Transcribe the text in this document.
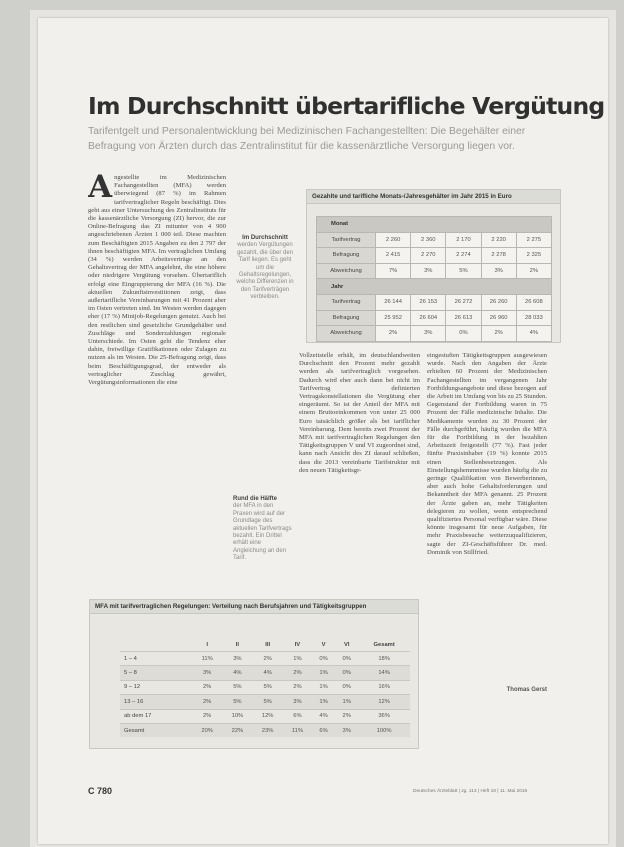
Im Durchschnitt übertarifliche Vergütung
Tarifentgelt und Personalentwicklung bei Medizinischen Fachangestellten: Die Begehälter einer Befragung von Ärzten durch das Zentralinstitut für die kassenärztliche Versorgung liegen vor.
Angestellte im Medizinischen Fachangestellten (MFA) werden überwiegend (87 %) im Rahmen tarifvertraglicher Regeln beschäftigt. Dies geht aus einer Untersuchung des Zentralinstituts für die kassenärztliche Versorgung (ZI) hervor, die zur Online-Befragung das ZI mitunter von 4 900 angeschriebenen Ärzten 1 000 teil. Diese machten zum Beschäftigten 2015 Angaben zu den 2 797 der ihnen beschäftigten MFA. Im vertraglichen Umfang (34 %) werden Arbeitsverträge an den Gehaltsvertrag der MFA angelehnt, die eine höhere oder niedrigere Vergütung vorsehen. Übertariflich erfolgt eine Eingruppierung der MFA (16 %). Die aktuellen Zukunftsinvestitionen zeigt, dass außertarifliche Vereinbarungen mit 41 Prozent aber im Osten vertreten sind. Im Westen werden dagegen eher (17 %) Minijob-Regelungen genutzt. Auch bei den restlichen sind gesetzliche Grundgehälter und Zuschläge und Sonderzahlungen regionale Unterschiede. Im Osten geht die Tendenz eher dahin, freiwillige Gratifikationen oder Zulagen zu nutzen als im Westen. Die 25-Befragung zeigt, dass beim Beschäftigungsgrad, der entweder als vertraglicher Zuschlag gewährt, Vergütungsinformationen die eine
Im Durchschnitt
werden Vergütungen gezahlt, die über den Tarif liegen. Es geht um die Gehaltsregelungen, welche Differenzen in den Tarifverträgen verbleiben.
Rund die Hälfte
der MFA in den Praxen wird auf der Grundlage des aktuellen Tarifvertrags bezahlt. Ein Drittel erhält eine Angleichung an den Tarif.
Gezahlte und tarifliche Monats-/Jahresgehälter im Jahr 2015 in Euro
Monat					
Tarifvertrag	2 260	2 360	2 170	2 220	2 275
Befragung	2 415	2 270	2 274	2 278	2 325
Abweichung	7%	3%	5%	3%	2%
Jahr					
Tarifvertrag	26 144	26 153	26 272	26 260	26 608
Befragung	25 952	26 604	26 613	26 960	28 033
Abweichung	2%	3%	0%	2%	4%
Vollzeitstelle erhält, im deutschlandweiten Durchschnitt den Prozent mehr gezahlt werden als tarifvertraglich vorgesehen. Dadurch wird eher auch dann bei nicht im Tarifvertrag definierten Vertragskonstellationen die Vergütung eher eingeräumt. So ist der Anteil der MFA mit einem Bruttoeinkommen von unter 25 000 Euro tatsächlich größer als bei tariflicher Vereinbarung. Dem bereits zwei Prozent der MFA mit tarifvertraglichen Regelungen den Tätigkeitsgruppen V und VI zugeordnet sind, kann nach Ansicht des ZI darauf schließen, dass die 2013 vereinbarte Tarifstruktur mit den neuen Tätigkeitsgr-
eingestuften Tätigkeitsgruppen ausgewiesen wurde. Nach den Angaben der Ärzte erhielten 60 Prozent der Medizinischen Fachangestellten im vergangenen Jahr Fortbildungsangebote und diese bezogen auf die Arbeit im Umfang von bis zu 25 Stunden. Gegenstand der Fortbildung waren in 75 Prozent der Fälle medizinische Inhalte. Die Medikamente wurden zu 30 Prozent der Fälle durchgeführt, häufig wurden die MFA für die Fortbildung in der bezahlten Arbeitszeit freigestellt (77 %). Fast jeder fünfte Praxisinhaber (19 %) konnte 2015 einen Stellenbesetzungen. Als Einstellungshemmnisse wurden häufig die zu geringe Qualifikation von Bewerberinnen, aber auch hohe Gehaltsforderungen und Bekanntheit der MFA genannt. 25 Prozent der Ärzte gaben an, mehr Tätigkeiten delegieren zu wollen, wenn entsprechend qualifiziertes Personal verfügbar wäre. Diese könnte insgesamt für neue Aufgaben, für mehr Praxisbesuche weiterzuqualifizieren, sagte der ZI-Geschäftsführer Dr. med. Dominik von Stillfried.
Thomas Gerst
MFA mit tarifvertraglichen Regelungen: Verteilung nach Berufsjahren und Tätigkeitsgruppen
	I	II	III	IV	V	VI	Gesamt
1 – 4	11%	3%	2%	1%	0%	0%	18%
5 – 8	3%	4%	4%	2%	1%	0%	14%
9 – 12	2%	5%	5%	2%	1%	0%	16%
13 – 16	2%	5%	5%	3%	1%	1%	12%
ab dem 17	2%	10%	12%	6%	4%	2%	36%
Gesamt	20%	22%	23%	11%	6%	3%	100%
C 780	Deutsches Ärzteblatt | Jg. 113 | Heft 18 | 11. Mai 2016
